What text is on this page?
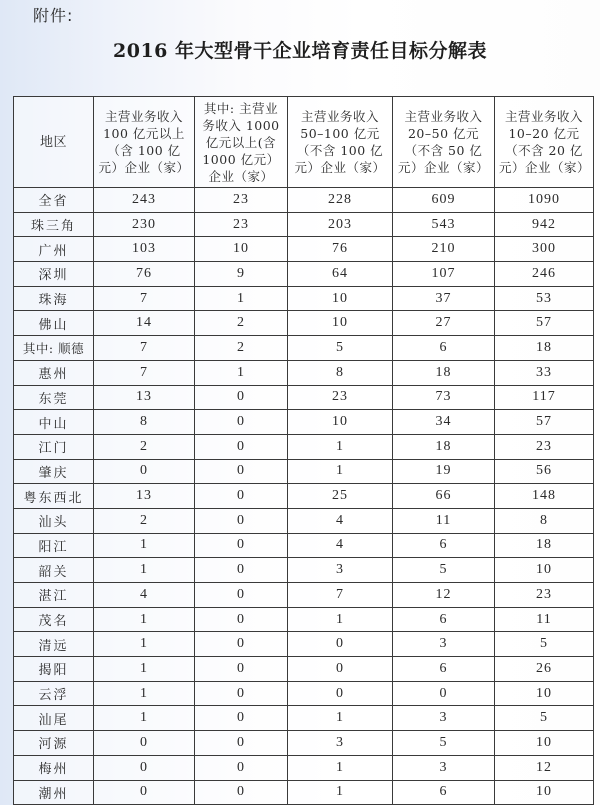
附件:
2016 年大型骨干企业培育责任目标分解表
地区	主营业务收入 100 亿元以上（含 100 亿元）企业（家）	其中: 主营业务收入 1000 亿元以上(含 1000 亿元）企业（家）	主营业务收入 50–100 亿元（不含 100 亿元）企业（家）	主营业务收入 20–50 亿元（不含 50 亿元）企业（家）	主营业务收入 10–20 亿元（不含 20 亿元）企业（家）
全省	243	23	228	609	1090
珠三角	230	23	203	543	942
广州	103	10	76	210	300
深圳	76	9	64	107	246
珠海	7	1	10	37	53
佛山	14	2	10	27	57
其中: 顺德	7	2	5	6	18
惠州	7	1	8	18	33
东莞	13	0	23	73	117
中山	8	0	10	34	57
江门	2	0	1	18	23
肇庆	0	0	1	19	56
粤东西北	13	0	25	66	148
汕头	2	0	4	11	8
阳江	1	0	4	6	18
韶关	1	0	3	5	10
湛江	4	0	7	12	23
茂名	1	0	1	6	11
清远	1	0	0	3	5
揭阳	1	0	0	6	26
云浮	1	0	0	0	10
汕尾	1	0	1	3	5
河源	0	0	3	5	10
梅州	0	0	1	3	12
潮州	0	0	1	6	10
